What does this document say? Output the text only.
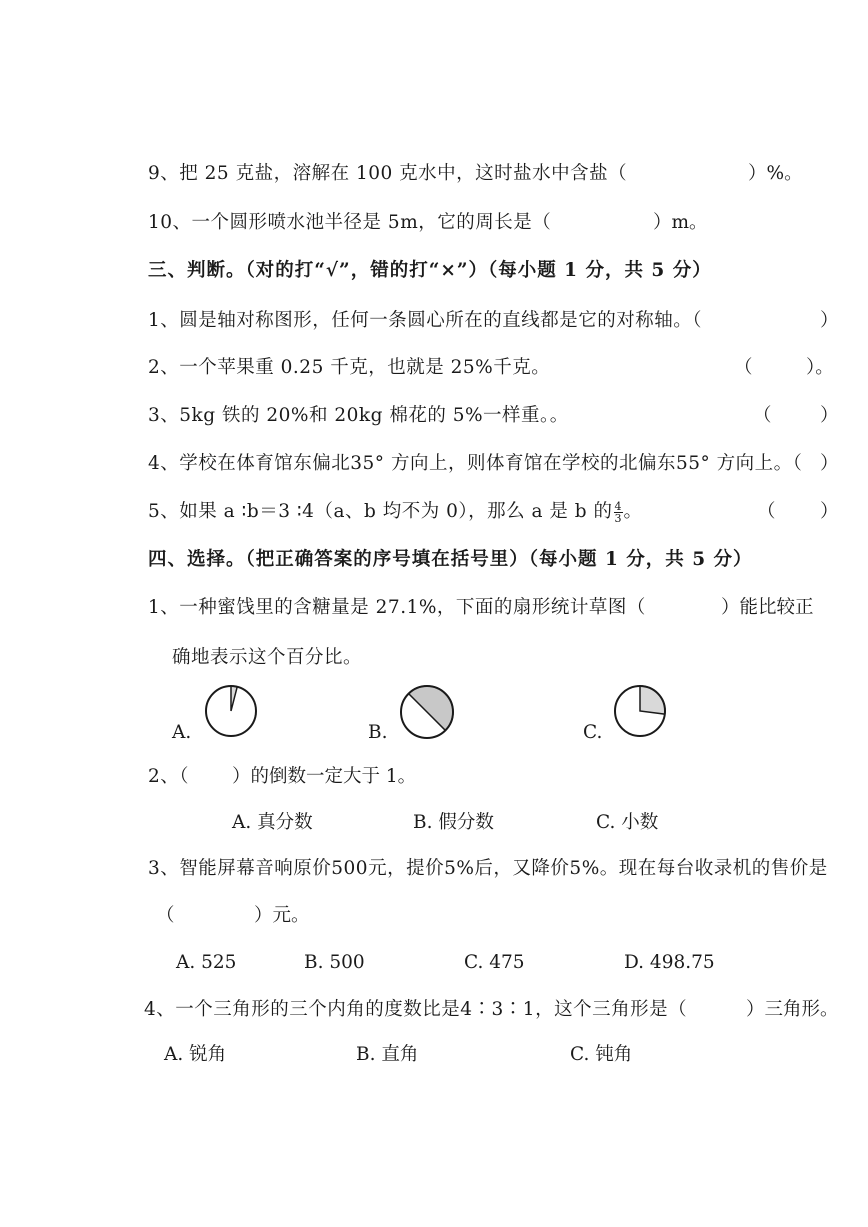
9、把 25 克盐，溶解在 100 克水中，这时盐水中含盐（	）%。
10、一个圆形喷水池半径是 5m，它的周长是（	）m。
三、判断。（对的打“√”，错的打“×”）（每小题 1 分，共 5 分）
1、圆是轴对称图形，任何一条圆心所在的直线都是它的对称轴。（	）
2、一个苹果重 0.25 千克，也就是 25%千克。	（	）。
3、5kg 铁的 20%和 20kg 棉花的 5%一样重。。	（	）
4、学校在体育馆东偏北35° 方向上，则体育馆在学校的北偏东55° 方向上。（ ）
5、如果 a ∶b＝3 ∶4（a、b 均不为 0），那么 a 是 b 的 $\frac{4}{3}$ 。	（ ）
四、选择。（把正确答案的序号填在括号里）（每小题 1 分，共 5 分）
1、一种蜜饯里的含糖量是 27.1%，下面的扇形统计草图（	）能比较正
确地表示这个百分比。
A.	B.	C.
2、（ ）的倒数一定大于 1。
A. 真分数	B. 假分数	C. 小数
3、智能屏幕音响原价500元，提价5%后，又降价5%。现在每台收录机的售价是
（	）元。
A. 525	B. 500	C. 475	D. 498.75
4、一个三角形的三个内角的度数比是4∶3∶1，这个三角形是（	）三角形。
A. 锐角	B. 直角	C. 钝角
